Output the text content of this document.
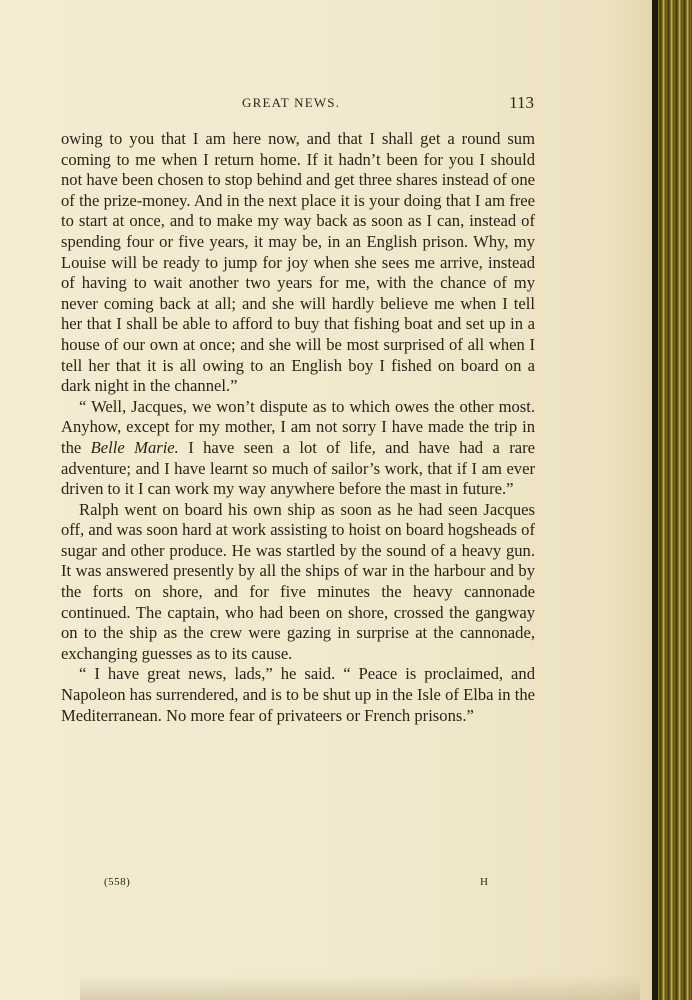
GREAT NEWS.	113

owing to you that I am here now, and that I shall get a round sum coming to me when I return home. If it hadn’t been for you I should not have been chosen to stop behind and get three shares instead of one of the prize-money. And in the next place it is your doing that I am free to start at once, and to make my way back as soon as I can, instead of spending four or five years, it may be, in an English prison. Why, my Louise will be ready to jump for joy when she sees me arrive, instead of having to wait another two years for me, with the chance of my never coming back at all; and she will hardly believe me when I tell her that I shall be able to afford to buy that fishing boat and set up in a house of our own at once; and she will be most surprised of all when I tell her that it is all owing to an English boy I fished on board on a dark night in the channel.”

“ Well, Jacques, we won’t dispute as to which owes the other most. Anyhow, except for my mother, I am not sorry I have made the trip in the Belle Marie. I have seen a lot of life, and have had a rare adventure; and I have learnt so much of sailor’s work, that if I am ever driven to it I can work my way anywhere before the mast in future.”

Ralph went on board his own ship as soon as he had seen Jacques off, and was soon hard at work assisting to hoist on board hogsheads of sugar and other produce. He was startled by the sound of a heavy gun. It was answered presently by all the ships of war in the harbour and by the forts on shore, and for five minutes the heavy cannonade continued. The captain, who had been on shore, crossed the gangway on to the ship as the crew were gazing in surprise at the cannonade, exchanging guesses as to its cause.

“ I have great news, lads,” he said. “ Peace is proclaimed, and Napoleon has surrendered, and is to be shut up in the Isle of Elba in the Mediterranean. No more fear of privateers or French prisons.”

(558)	H
